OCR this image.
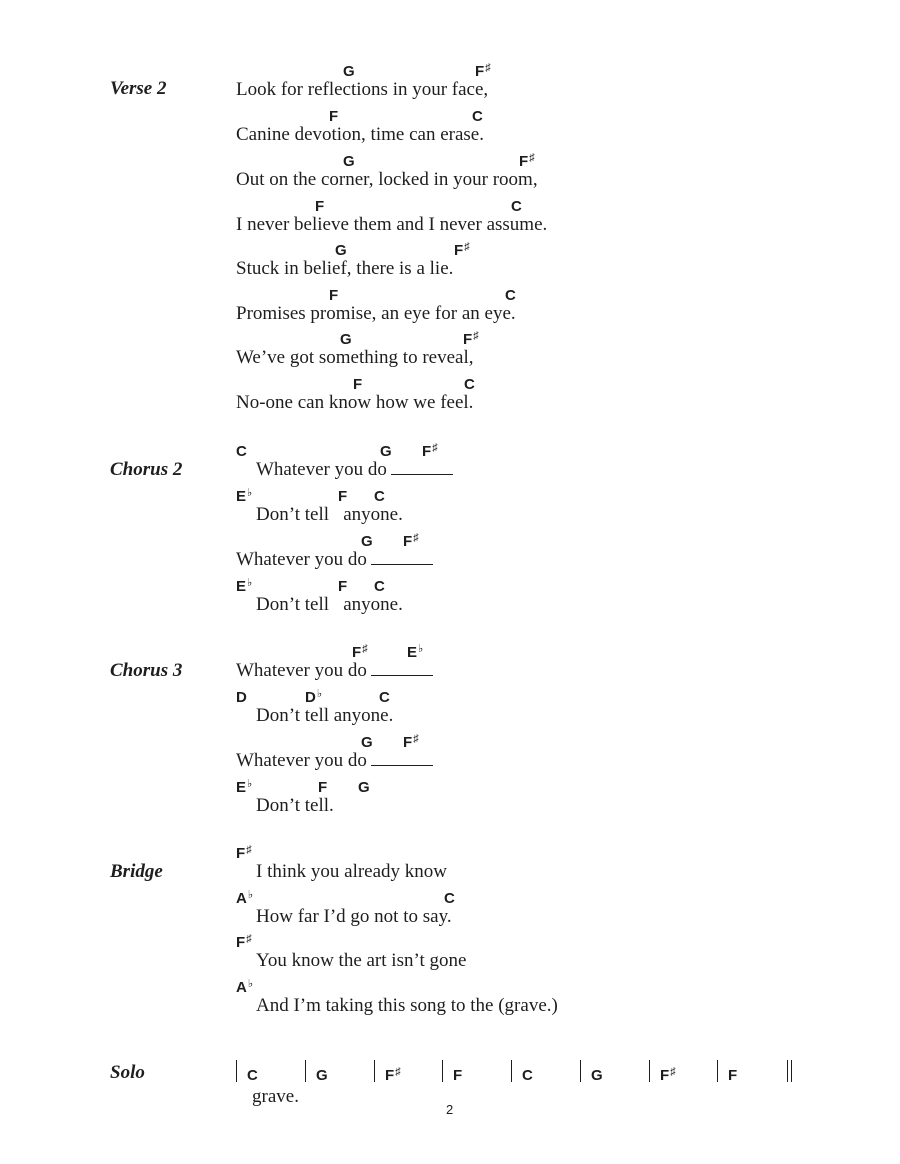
Verse 2
G	F♯
Look for reflections in your face,
F	C
Canine devotion, time can erase.
G	F♯
Out on the corner, locked in your room,
F	C
I never believe them and I never assume.
G	F♯
Stuck in belief, there is a lie.
F	C
Promises promise, an eye for an eye.
G	F♯
We’ve got something to reveal,
F	C
No-one can know how we feel.
Chorus 2
C	G F♯
Whatever you do
E♭	F C
Don’t tell   anyone.
G F♯
Whatever you do
E♭	F C
Don’t tell   anyone.
Chorus 3
F♯	E♭
Whatever you do
D	D♭	C
Don’t tell anyone.
G F♯
Whatever you do
E♭	F G
Don’t tell.
Bridge
F♯
I think you already know
A♭	C
How far I’d go not to say.
F♯
You know the art isn’t gone
A♭
And I’m taking this song to the (grave.)
Solo	C	G	F♯	F	C	G	F♯	F
grave.
2
